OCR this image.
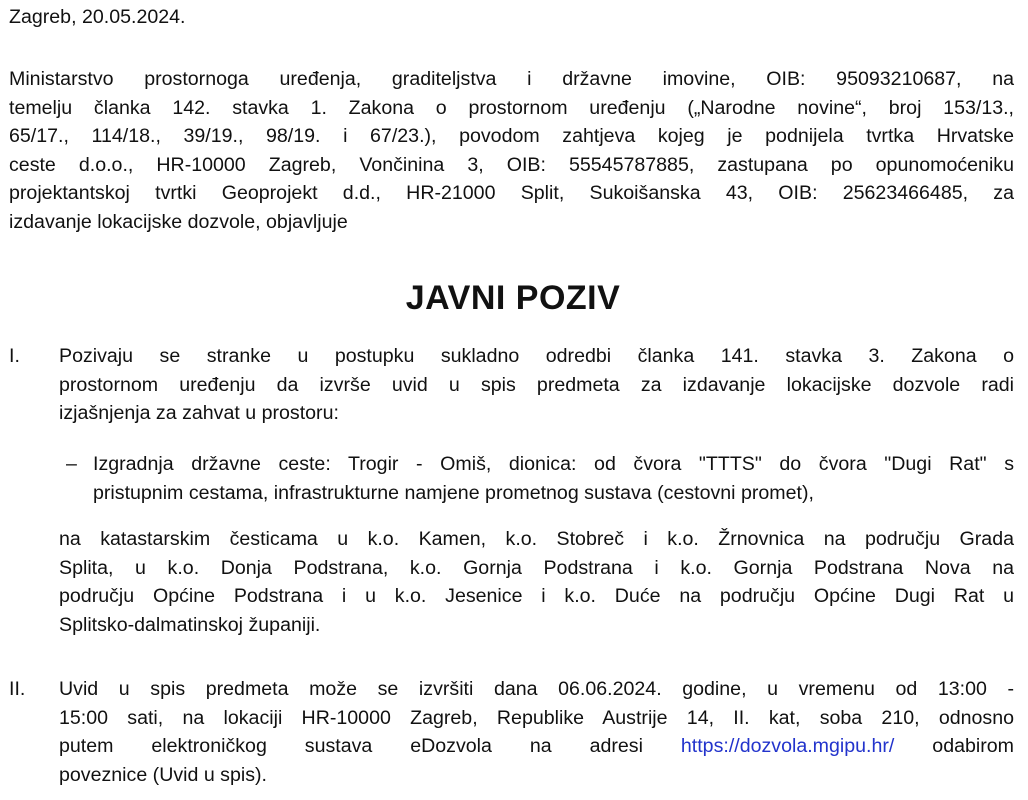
Zagreb, 20.05.2024.
Ministarstvo prostornoga uređenja, graditeljstva i državne imovine, OIB: 95093210687, na
temelju članka 142. stavka 1. Zakona o prostornom uređenju („Narodne novine“, broj 153/13.,
65/17., 114/18., 39/19., 98/19. i 67/23.), povodom zahtjeva kojeg je podnijela tvrtka Hrvatske
ceste d.o.o., HR-10000 Zagreb, Vončinina 3, OIB: 55545787885, zastupana po opunomoćeniku
projektantskoj tvrtki Geoprojekt d.d., HR-21000 Split, Sukoišanska 43, OIB: 25623466485, za
izdavanje lokacijske dozvole, objavljuje
JAVNI POZIV
I. Pozivaju se stranke u postupku sukladno odredbi članka 141. stavka 3. Zakona o
prostornom uređenju da izvrše uvid u spis predmeta za izdavanje lokacijske dozvole radi
izjašnjenja za zahvat u prostoru:
– Izgradnja državne ceste: Trogir - Omiš, dionica: od čvora "TTTS" do čvora "Dugi Rat" s
pristupnim cestama, infrastrukturne namjene prometnog sustava (cestovni promet),
na katastarskim česticama u k.o. Kamen, k.o. Stobreč i k.o. Žrnovnica na području Grada
Splita, u k.o. Donja Podstrana, k.o. Gornja Podstrana i k.o. Gornja Podstrana Nova na
području Općine Podstrana i u k.o. Jesenice i k.o. Duće na području Općine Dugi Rat u
Splitsko-dalmatinskoj županiji.
II. Uvid u spis predmeta može se izvršiti dana 06.06.2024. godine, u vremenu od 13:00 -
15:00 sati, na lokaciji HR-10000 Zagreb, Republike Austrije 14, II. kat, soba 210, odnosno
putem elektroničkog sustava eDozvola na adresi https://dozvola.mgipu.hr/ odabirom
poveznice (Uvid u spis).
